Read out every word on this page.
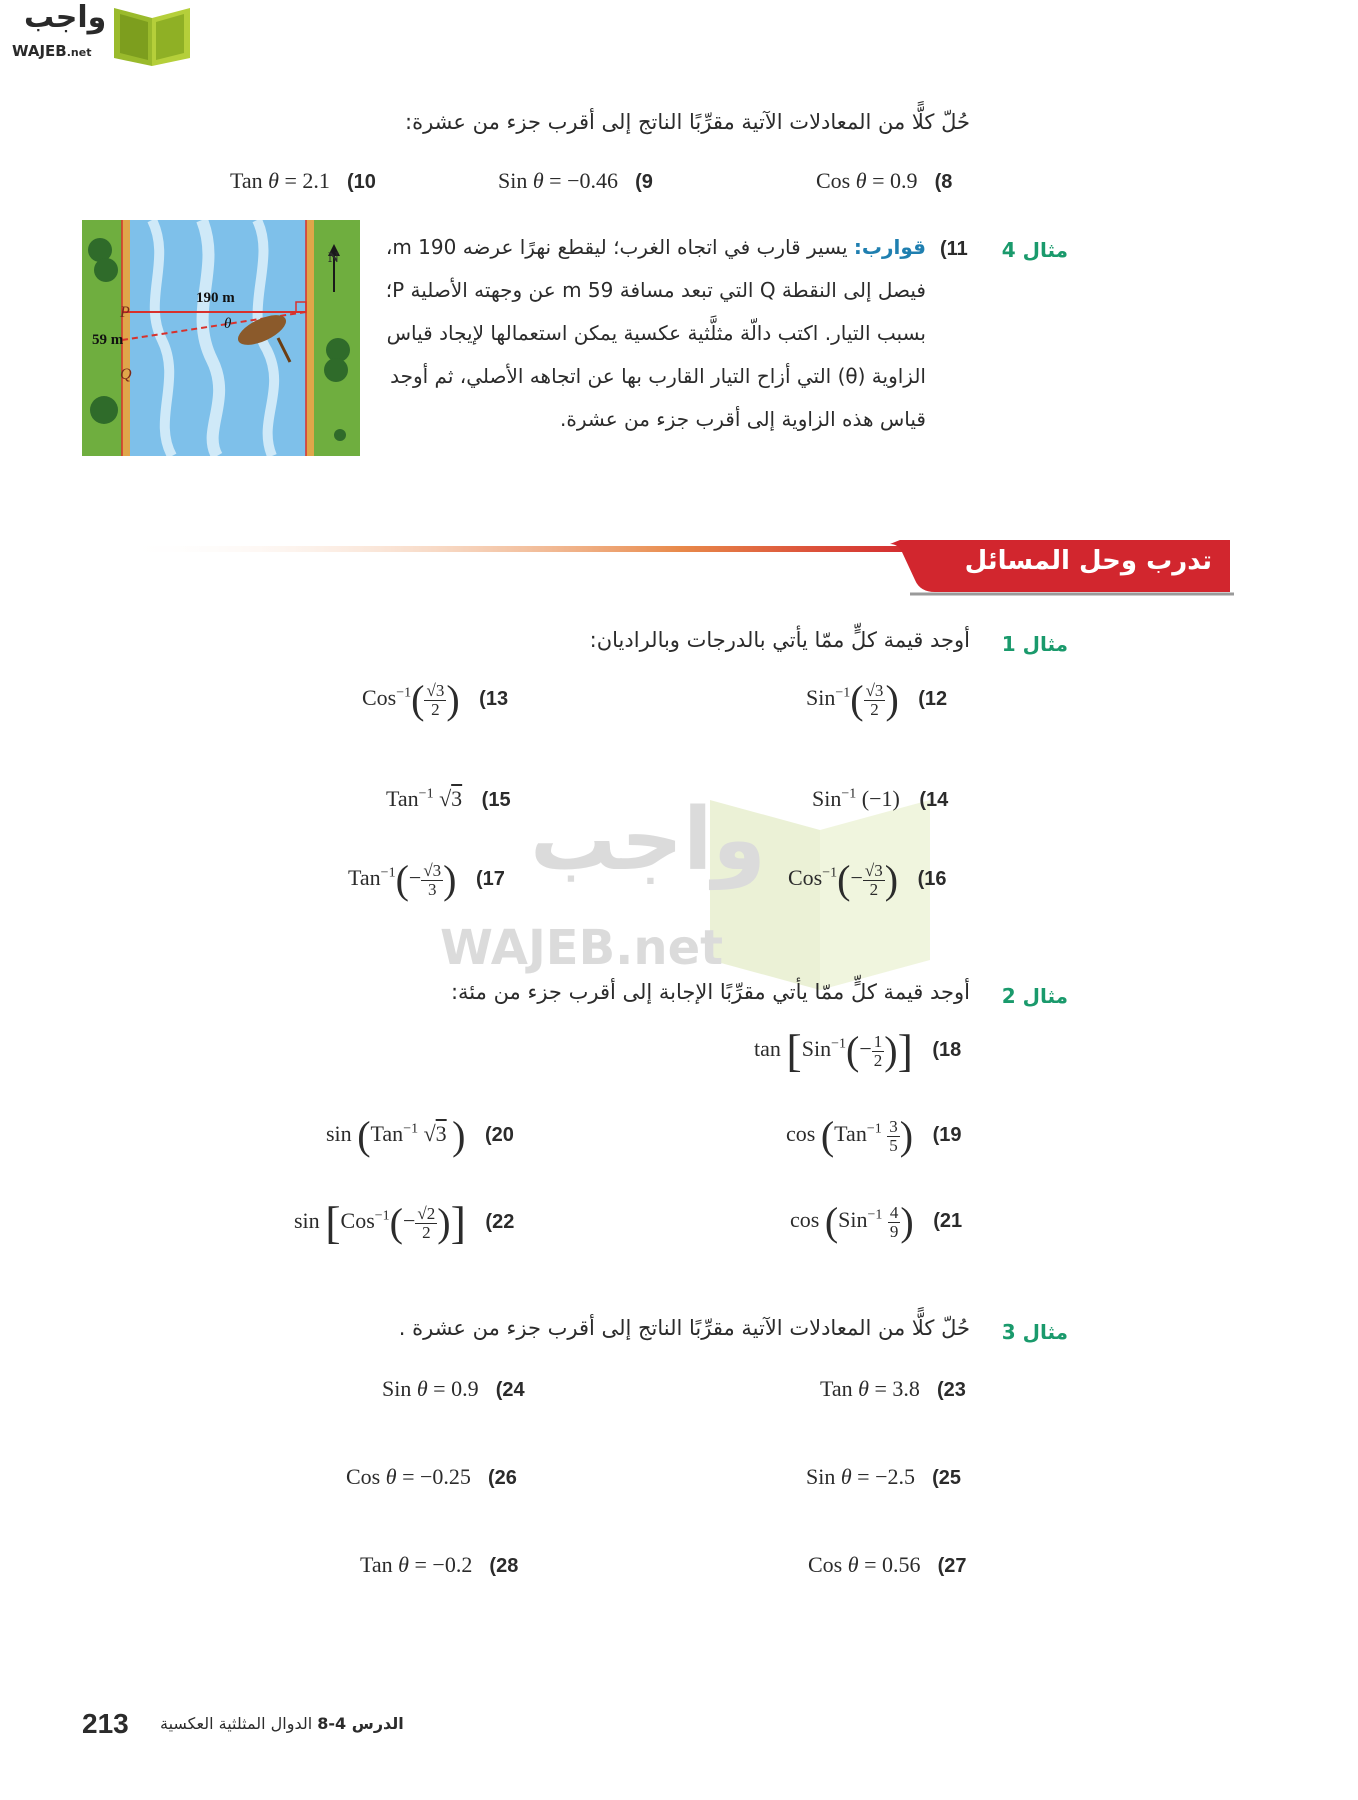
واجب
WAJEB.net
واجب
WAJEB.net
حُلّ كلًّا من المعادلات الآتية مقرِّبًا الناتج إلى أقرب جزء من عشرة:
Cos θ = 0.9 (8
Sin θ = −0.46 (9
Tan θ = 2.1 (10
مثال 4
(11
قوارب: يسير قارب في اتجاه الغرب؛ ليقطع نهرًا عرضه 190 m،
فيصل إلى النقطة Q التي تبعد مسافة 59 m عن وجهته الأصلية P؛
بسبب التيار. اكتب دالّة مثلَّثية عكسية يمكن استعمالها لإيجاد قياس
الزاوية (θ) التي أزاح التيار القارب بها عن اتجاهه الأصلي، ثم أوجد
قياس هذه الزاوية إلى أقرب جزء من عشرة.
N
190 m
θ
P
59 m
Q
تدرب وحل المسائل
مثال 1
أوجد قيمة كلٍّ ممّا يأتي بالدرجات وبالراديان:
$Sin^{-1}( \frac{√3}{2}$ ) (12
$Cos^{-1}( \frac{√3}{2}$ ) (13
Sin$^{-1}$ (−1) (14
Tan$^{-1}$ √3 (15
$Cos^{-1}(- \frac{√3}{2}$ ) (16
$Tan^{-1}(- \frac{√3}{3}$ ) (17
مثال 2
أوجد قيمة كلٍّ ممّا يأتي مقرِّبًا الإجابة إلى أقرب جزء من مئة:
$\tan [Sin^{-1}(- \frac{1}{2}$ )] (18
$\cos (Tan^{-1} \frac{3}{5}$ ) (19
sin (Tan$^{-1}$ √3 ) (20
$\cos (Sin^{-1} \frac{4}{9}$ ) (21
$\sin [Cos^{-1}(- \frac{√2}{2}$ )] (22
مثال 3
حُلّ كلًّا من المعادلات الآتية مقرِّبًا الناتج إلى أقرب جزء من عشرة .
Tan θ = 3.8 (23
Sin θ = 0.9 (24
Sin θ = −2.5 (25
Cos θ = −0.25 (26
Cos θ = 0.56 (27
Tan θ = −0.2 (28
213	الدرس 4-8 الدوال المثلثية العكسية
